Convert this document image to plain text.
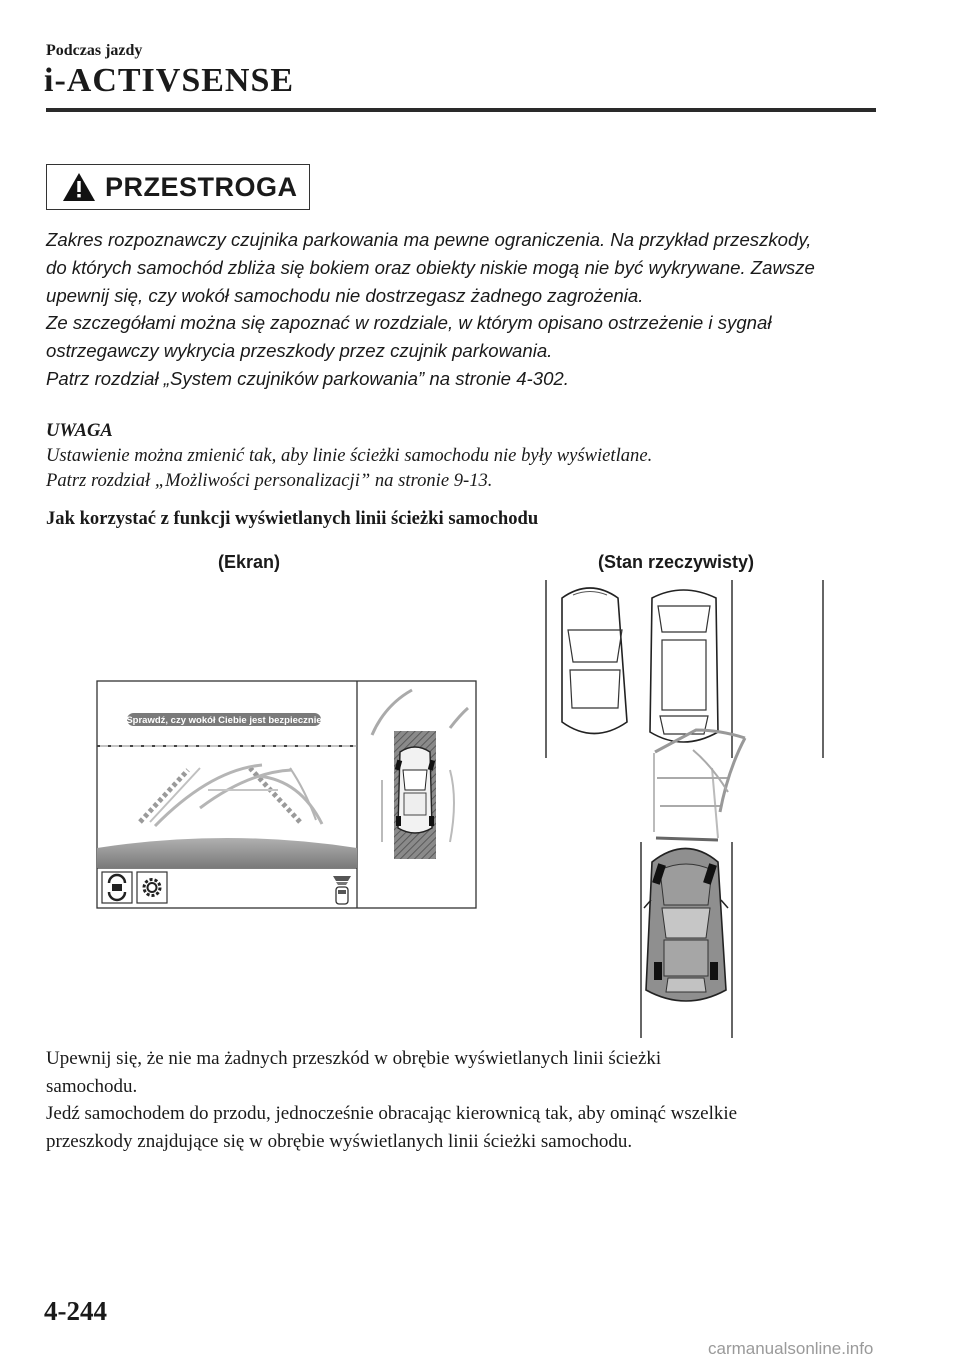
Podczas jazdy
i-ACTIVSENSE
PRZESTROGA
Zakres rozpoznawczy czujnika parkowania ma pewne ograniczenia. Na przykład przeszkody,
do których samochód zbliża się bokiem oraz obiekty niskie mogą nie być wykrywane. Zawsze
upewnij się, czy wokół samochodu nie dostrzegasz żadnego zagrożenia.
Ze szczegółami można się zapoznać w rozdziale, w którym opisano ostrzeżenie i sygnał
ostrzegawczy wykrycia przeszkody przez czujnik parkowania.
Patrz rozdział „System czujników parkowania” na stronie 4-302.
UWAGA
Ustawienie można zmienić tak, aby linie ścieżki samochodu nie były wyświetlane.
Patrz rozdział „Możliwości personalizacji” na stronie 9-13.
Jak korzystać z funkcji wyświetlanych linii ścieżki samochodu
(Ekran)	(Stan rzeczywisty)
Sprawdź, czy wokół Ciebie jest bezpiecznie
Upewnij się, że nie ma żadnych przeszkód w obrębie wyświetlanych linii ścieżki
samochodu.
Jedź samochodem do przodu, jednocześnie obracając kierownicą tak, aby ominąć wszelkie
przeszkody znajdujące się w obrębie wyświetlanych linii ścieżki samochodu.
4-244
carmanualsonline.info
